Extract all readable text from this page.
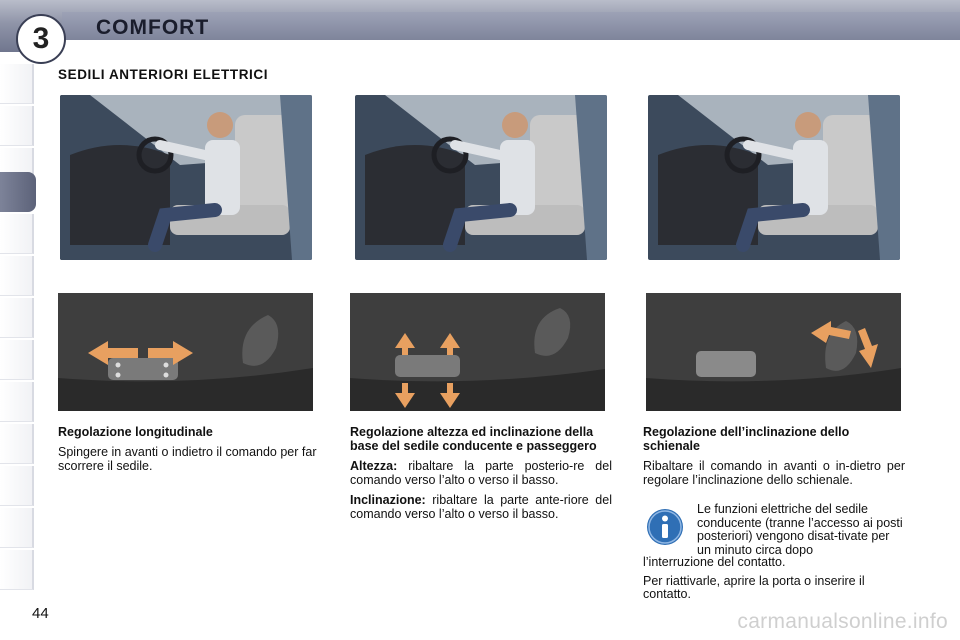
3 COMFORT
SEDILI ANTERIORI ELETTRICI
Regolazione longitudinale

Spingere in avanti o indietro il comando per far scorrere il sedile.

Regolazione altezza ed inclinazione della base del sedile conducente e passeggero

Altezza: ribaltare la parte posterio-re del comando verso l’alto o verso il basso.

Inclinazione: ribaltare la parte ante-riore del comando verso l’alto o verso il basso.

Regolazione dell’inclinazione dello schienale

Ribaltare il comando in avanti o in-dietro per regolare l’inclinazione dello schienale.

Le funzioni elettriche del sedile conducente (tranne l’accesso ai posti posteriori) vengono disat-tivate per un minuto circa dopo

l’interruzione del contatto.

Per riattivarle, aprire la porta o inserire il contatto.

44	carmanualsonline.info
